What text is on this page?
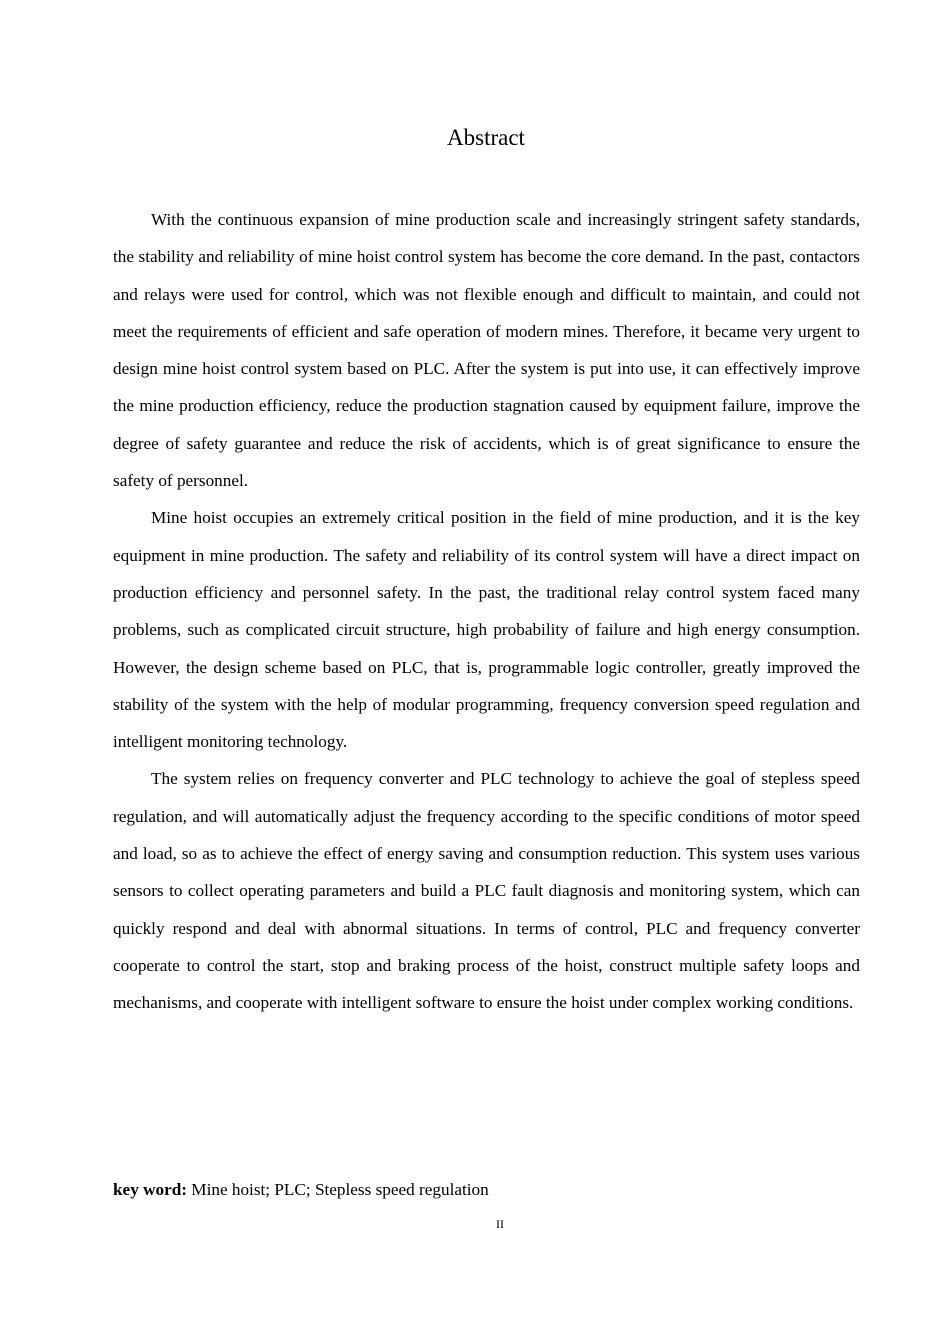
Abstract

With the continuous expansion of mine production scale and increasingly stringent safety standards, the stability and reliability of mine hoist control system has become the core demand. In the past, contactors and relays were used for control, which was not flexible enough and difficult to maintain, and could not meet the requirements of efficient and safe operation of modern mines. Therefore, it became very urgent to design mine hoist control system based on PLC. After the system is put into use, it can effectively improve the mine production efficiency, reduce the production stagnation caused by equipment failure, improve the degree of safety guarantee and reduce the risk of accidents, which is of great significance to ensure the safety of personnel.

Mine hoist occupies an extremely critical position in the field of mine production, and it is the key equipment in mine production. The safety and reliability of its control system will have a direct impact on production efficiency and personnel safety. In the past, the traditional relay control system faced many problems, such as complicated circuit structure, high probability of failure and high energy consumption. However, the design scheme based on PLC, that is, programmable logic controller, greatly improved the stability of the system with the help of modular programming, frequency conversion speed regulation and intelligent monitoring technology.

The system relies on frequency converter and PLC technology to achieve the goal of stepless speed regulation, and will automatically adjust the frequency according to the specific conditions of motor speed and load, so as to achieve the effect of energy saving and consumption reduction. This system uses various sensors to collect operating parameters and build a PLC fault diagnosis and monitoring system, which can quickly respond and deal with abnormal situations. In terms of control, PLC and frequency converter cooperate to control the start, stop and braking process of the hoist, construct multiple safety loops and mechanisms, and cooperate with intelligent software to ensure the hoist under complex working conditions.

key word: Mine hoist; PLC; Stepless speed regulation

II
